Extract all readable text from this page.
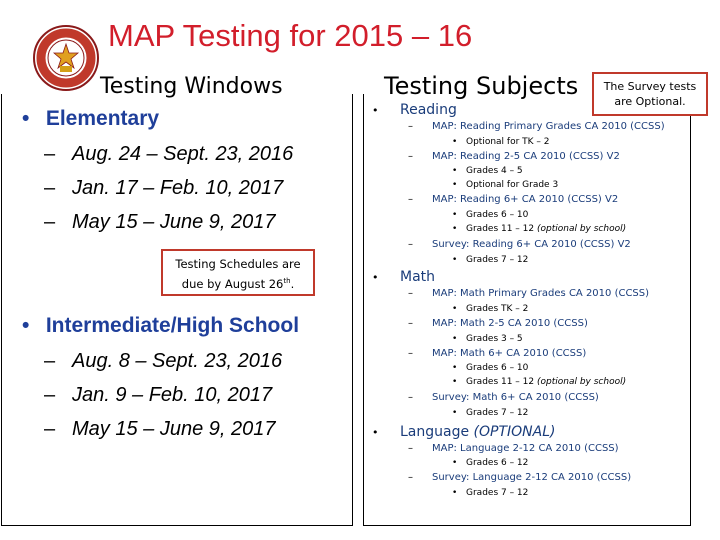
MAP Testing for 2015 – 16
Testing Windows	Testing Subjects	The Survey tests
are Optional.
• Elementary
– Aug. 24 – Sept. 23, 2016
– Jan. 17 – Feb. 10, 2017
– May 15 – June 9, 2017
Testing Schedules are
due by August 26th.
• Intermediate/High School
– Aug. 8 – Sept. 23, 2016
– Jan. 9 – Feb. 10, 2017
– May 15 – June 9, 2017
• Reading
– MAP: Reading Primary Grades CA 2010 (CCSS)
• Optional for TK – 2
– MAP: Reading 2-5 CA 2010 (CCSS) V2
• Grades 4 – 5
• Optional for Grade 3
– MAP: Reading 6+ CA 2010 (CCSS) V2
• Grades 6 – 10
• Grades 11 – 12 (optional by school)
– Survey: Reading 6+ CA 2010 (CCSS) V2
• Grades 7 – 12
• Math
– MAP: Math Primary Grades CA 2010 (CCSS)
• Grades TK – 2
– MAP: Math 2-5 CA 2010 (CCSS)
• Grades 3 – 5
– MAP: Math 6+ CA 2010 (CCSS)
• Grades 6 – 10
• Grades 11 – 12 (optional by school)
– Survey: Math 6+ CA 2010 (CCSS)
• Grades 7 – 12
• Language (OPTIONAL)
– MAP: Language 2-12 CA 2010 (CCSS)
• Grades 6 – 12
– Survey: Language 2-12 CA 2010 (CCSS)
• Grades 7 – 12
